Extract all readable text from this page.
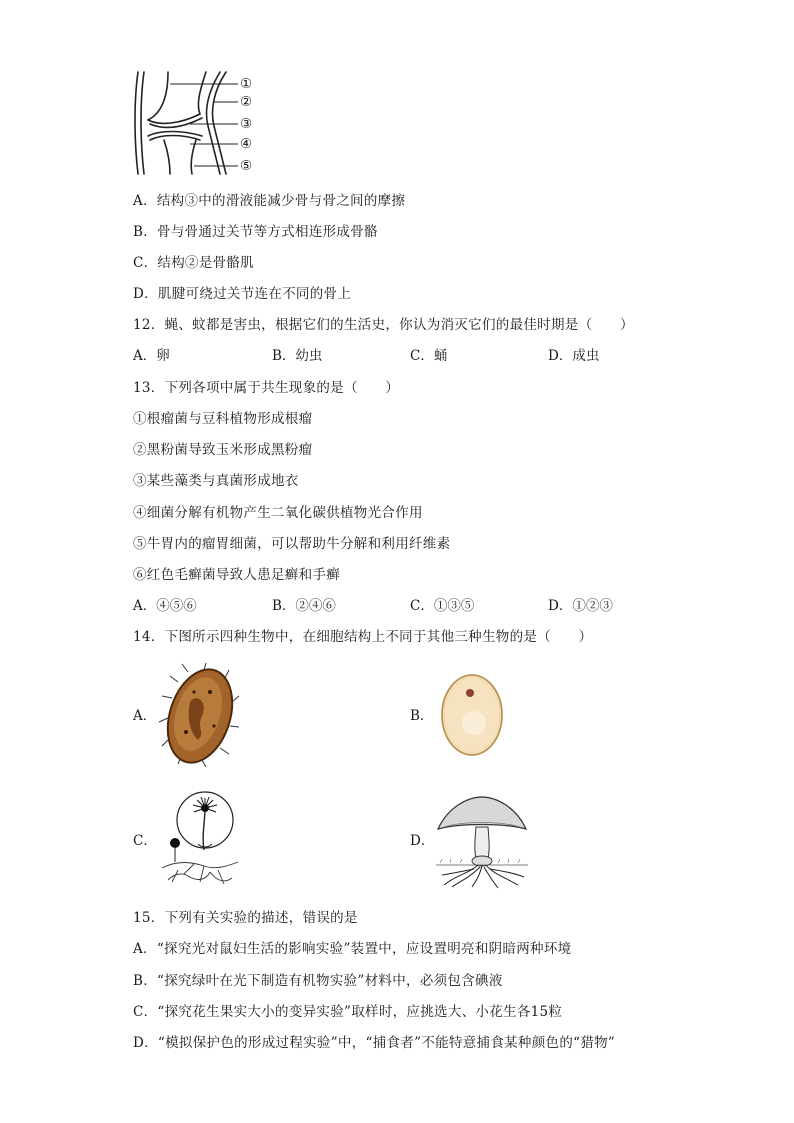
①
②
③
④
⑤
A．结构③中的滑液能减少骨与骨之间的摩擦
B．骨与骨通过关节等方式相连形成骨骼
C．结构②是骨骼肌
D．肌腱可绕过关节连在不同的骨上
12．蝇、蚊都是害虫，根据它们的生活史，你认为消灭它们的最佳时期是（　　）
A．卵	B．幼虫	C．蛹	D．成虫
13．下列各项中属于共生现象的是（　　）
①根瘤菌与豆科植物形成根瘤
②黑粉菌导致玉米形成黑粉瘤
③某些藻类与真菌形成地衣
④细菌分解有机物产生二氧化碳供植物光合作用
⑤牛胃内的瘤胃细菌，可以帮助牛分解和利用纤维素
⑥红色毛癣菌导致人患足癣和手癣
A．④⑤⑥	B．②④⑥	C．①③⑤	D．①②③
14．下图所示四种生物中，在细胞结构上不同于其他三种生物的是（　　）
A．	B．
C．	D．
15．下列有关实验的描述，错误的是
A．“探究光对鼠妇生活的影响实验”装置中，应设置明亮和阴暗两种环境
B．“探究绿叶在光下制造有机物实验”材料中，必须包含碘液
C．“探究花生果实大小的变异实验”取样时，应挑选大、小花生各15粒
D．“模拟保护色的形成过程实验”中，“捕食者”不能特意捕食某种颜色的“猎物”
